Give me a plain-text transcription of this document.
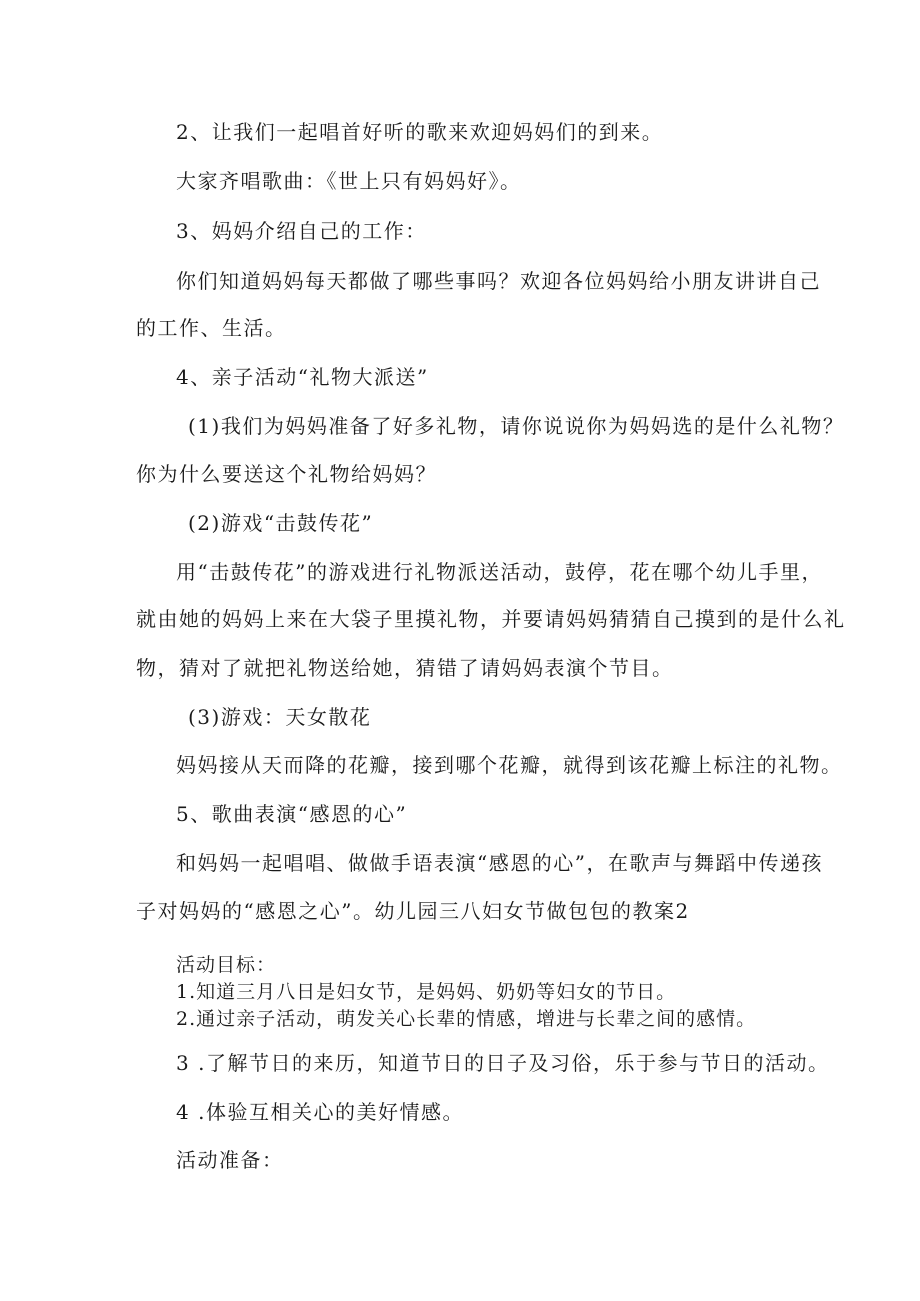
2、让我们一起唱首好听的歌来欢迎妈妈们的到来。
大家齐唱歌曲：《世上只有妈妈好》。
3、妈妈介绍自己的工作：
你们知道妈妈每天都做了哪些事吗？欢迎各位妈妈给小朋友讲讲自己
的工作、生活。
4、亲子活动“礼物大派送”
(1)我们为妈妈准备了好多礼物，请你说说你为妈妈选的是什么礼物？
你为什么要送这个礼物给妈妈？
(2)游戏“击鼓传花”
用“击鼓传花”的游戏进行礼物派送活动，鼓停，花在哪个幼儿手里，
就由她的妈妈上来在大袋子里摸礼物，并要请妈妈猜猜自己摸到的是什么礼
物，猜对了就把礼物送给她，猜错了请妈妈表演个节目。
(3)游戏：天女散花
妈妈接从天而降的花瓣，接到哪个花瓣，就得到该花瓣上标注的礼物。
5、歌曲表演“感恩的心”
和妈妈一起唱唱、做做手语表演“感恩的心”，在歌声与舞蹈中传递孩
子对妈妈的“感恩之心”。幼儿园三八妇女节做包包的教案2
活动目标：
1.知道三月八日是妇女节，是妈妈、奶奶等妇女的节日。
2.通过亲子活动，萌发关心长辈的情感，增进与长辈之间的感情。
3 .了解节日的来历，知道节日的日子及习俗，乐于参与节日的活动。
4 .体验互相关心的美好情感。
活动准备：
